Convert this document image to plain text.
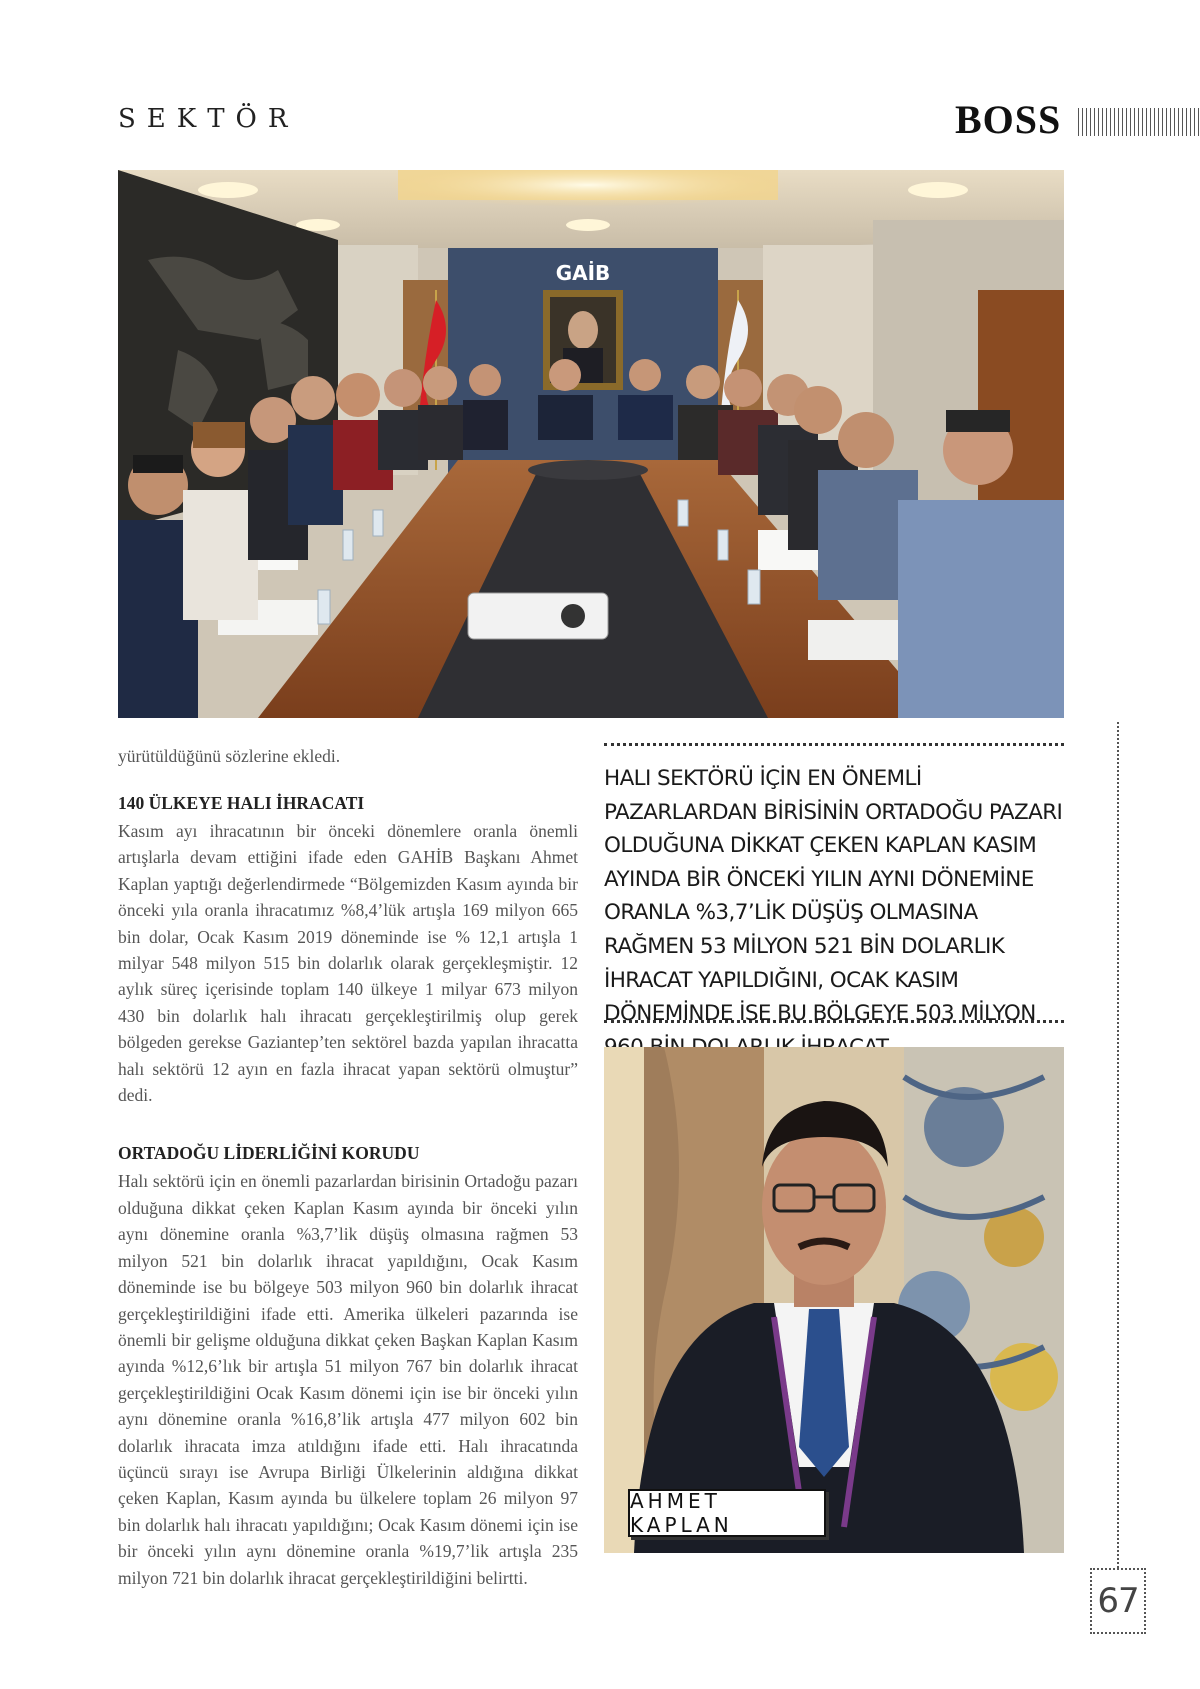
SEKTÖR	BOSS
GAİB
yürütüldüğünü sözlerine ekledi.
140 ÜLKEYE HALI İHRACATI

Kasım ayı ihracatının bir önceki dönemlere oranla önemli artışlarla devam ettiğini ifade eden GAHİB Başkanı Ahmet Kaplan yaptığı değerlendirmede “Bölgemizden Kasım ayında bir önceki yıla oranla ihracatımız %8,4’lük artışla 169 milyon 665 bin dolar, Ocak Kasım 2019 döneminde ise % 12,1 artışla 1 milyar 548 milyon 515 bin dolarlık olarak gerçekleşmiştir. 12 aylık süreç içerisinde toplam 140 ülkeye 1 milyar 673 milyon 430 bin dolarlık halı ihracatı gerçekleştirilmiş olup gerek bölgeden gerekse Gaziantep’ten sektörel bazda yapılan ihracatta halı sektörü 12 ayın en fazla ihracat yapan sektörü olmuştur” dedi.

ORTADOĞU LİDERLİĞİNİ KORUDU

Halı sektörü için en önemli pazarlardan birisinin Ortadoğu pazarı olduğuna dikkat çeken Kaplan Kasım ayında bir önceki yılın aynı dönemine oranla %3,7’lik düşüş olmasına rağmen 53 milyon 521 bin dolarlık ihracat yapıldığını, Ocak Kasım döneminde ise bu bölgeye 503 milyon 960 bin dolarlık ihracat gerçekleştirildiğini ifade etti. Amerika ülkeleri pazarında ise önemli bir gelişme olduğuna dikkat çeken Başkan Kaplan Kasım ayında %12,6’lık bir artışla 51 milyon 767 bin dolarlık ihracat gerçekleştirildiğini Ocak Kasım dönemi için ise bir önceki yılın aynı dönemine oranla %16,8’lik artışla 477 milyon 602 bin dolarlık ihracata imza atıldığını ifade etti. Halı ihracatında üçüncü sırayı ise Avrupa Birliği Ülkelerinin aldığına dikkat çeken Kaplan, Kasım ayında bu ülkelere toplam 26 milyon 97 bin dolarlık halı ihracatı yapıldığını; Ocak Kasım dönemi için ise bir önceki yılın aynı dönemine oranla %19,7’lik artışla 235 milyon 721 bin dolarlık ihracat gerçekleştirildiğini belirtti.

HALI SEKTÖRÜ İÇİN EN ÖNEMLİ PAZARLARDAN BİRİSİNİN ORTADOĞU PAZARI OLDUĞUNA DİKKAT ÇEKEN KAPLAN KASIM AYINDA BİR ÖNCEKİ YILIN AYNI DÖNEMİNE ORANLA %3,7’LİK DÜŞÜŞ OLMASINA RAĞMEN 53 MİLYON 521 BİN DOLARLIK İHRACAT YAPILDIĞINI, OCAK KASIM DÖNEMİNDE İSE BU BÖLGEYE 503 MİLYON
AHMET KAPLAN
67
